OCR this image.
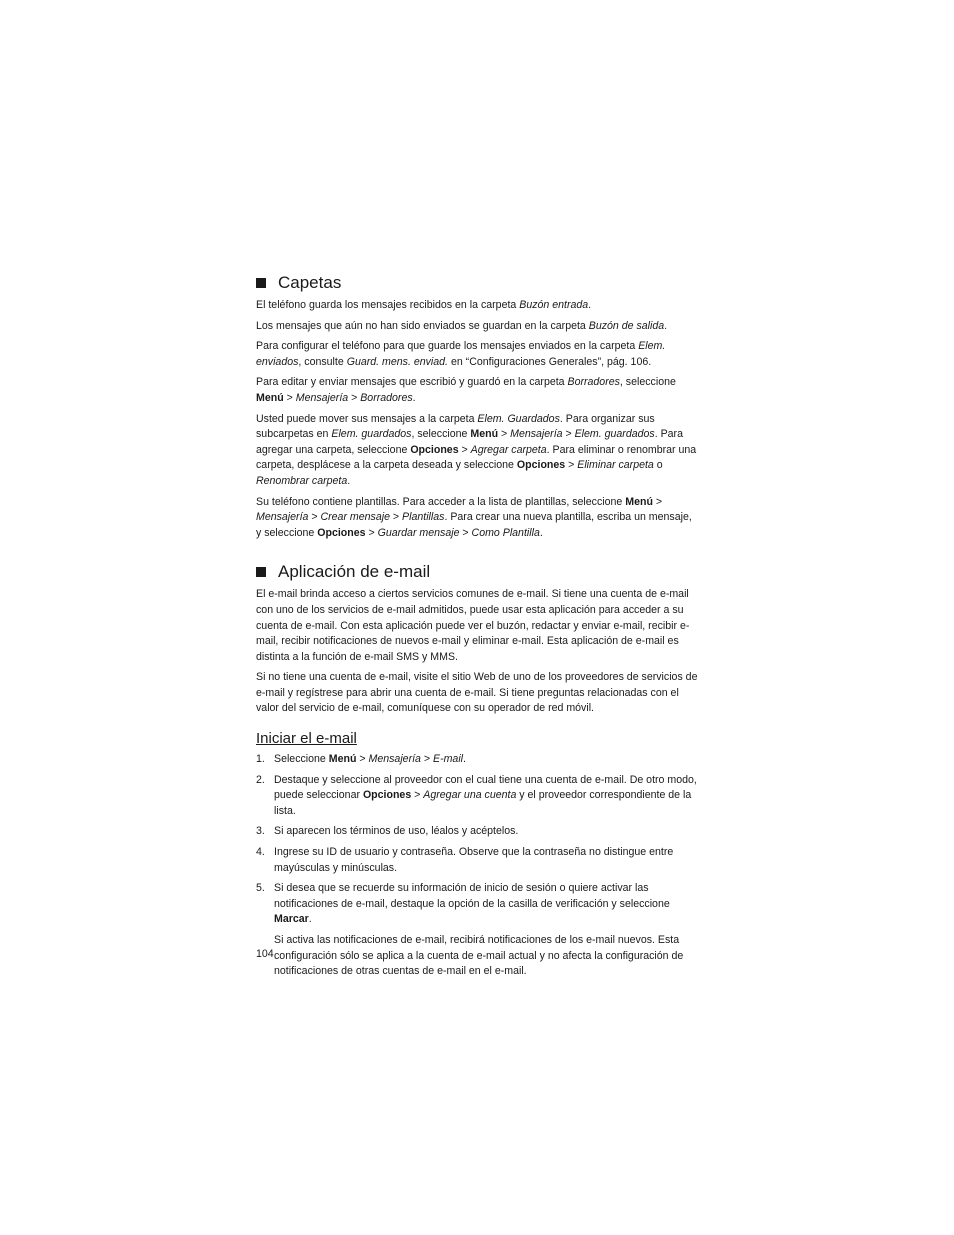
Capetas

El teléfono guarda los mensajes recibidos en la carpeta Buzón entrada.

Los mensajes que aún no han sido enviados se guardan en la carpeta Buzón de salida.

Para configurar el teléfono para que guarde los mensajes enviados en la carpeta Elem. enviados, consulte Guard. mens. enviad. en “Configuraciones Generales”, pág. 106.

Para editar y enviar mensajes que escribió y guardó en la carpeta Borradores, seleccione Menú > Mensajería > Borradores.

Usted puede mover sus mensajes a la carpeta Elem. Guardados. Para organizar sus subcarpetas en Elem. guardados, seleccione Menú > Mensajería > Elem. guardados. Para agregar una carpeta, seleccione Opciones > Agregar carpeta. Para eliminar o renombrar una carpeta, desplácese a la carpeta deseada y seleccione Opciones > Eliminar carpeta o Renombrar carpeta.

Su teléfono contiene plantillas. Para acceder a la lista de plantillas, seleccione Menú > Mensajería > Crear mensaje > Plantillas. Para crear una nueva plantilla, escriba un mensaje, y seleccione Opciones > Guardar mensaje > Como Plantilla.

Aplicación de e-mail

El e-mail brinda acceso a ciertos servicios comunes de e-mail. Si tiene una cuenta de e-mail con uno de los servicios de e-mail admitidos, puede usar esta aplicación para acceder a su cuenta de e-mail. Con esta aplicación puede ver el buzón, redactar y enviar e-mail, recibir e-mail, recibir notificaciones de nuevos e-mail y eliminar e-mail. Esta aplicación de e-mail es distinta a la función de e-mail SMS y MMS.

Si no tiene una cuenta de e-mail, visite el sitio Web de uno de los proveedores de servicios de e-mail y regístrese para abrir una cuenta de e-mail. Si tiene preguntas relacionadas con el valor del servicio de e-mail, comuníquese con su operador de red móvil.

Iniciar el e-mail
1. Seleccione Menú > Mensajería > E-mail.
2. Destaque y seleccione al proveedor con el cual tiene una cuenta de e-mail. De otro modo, puede seleccionar Opciones > Agregar una cuenta y el proveedor correspondiente de la lista.
3. Si aparecen los términos de uso, léalos y acéptelos.
4. Ingrese su ID de usuario y contraseña. Observe que la contraseña no distingue entre mayúsculas y minúsculas.
5. Si desea que se recuerde su información de inicio de sesión o quiere activar las notificaciones de e-mail, destaque la opción de la casilla de verificación y seleccione Marcar.

Si activa las notificaciones de e-mail, recibirá notificaciones de los e-mail nuevos. Esta configuración sólo se aplica a la cuenta de e-mail actual y no afecta la configuración de notificaciones de otras cuentas de e-mail en el e-mail.

104
